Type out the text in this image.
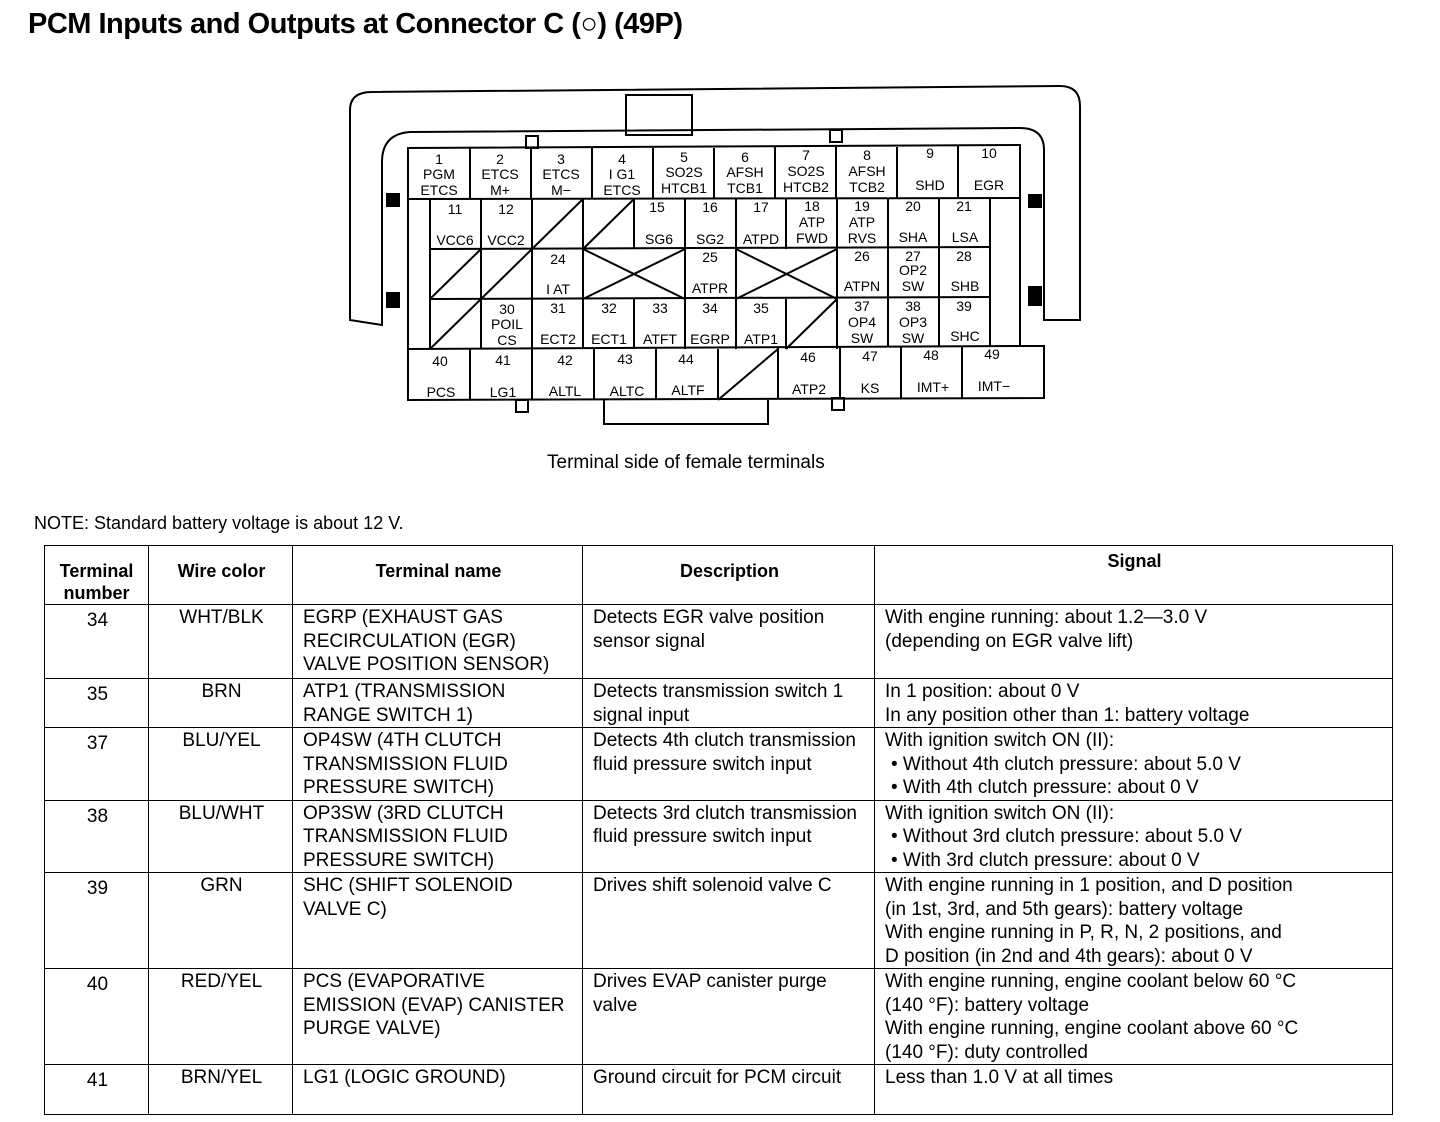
PCM Inputs and Outputs at Connector C (○) (49P)
1
PGM
ETCS
2
ETCS
M+
3
ETCS
M−
4
I G1
ETCS
5
SO2S
HTCB1
6
AFSH
TCB1
7
SO2S
HTCB2
8
AFSH
TCB2
9
SHD
10
EGR
11
VCC6
12
VCC2
15
SG6
16
SG2
17
ATPD
18
ATP
FWD
19
ATP
RVS
20
SHA
21
LSA
24
I AT
25
ATPR
26
ATPN
27
OP2
SW
28
SHB
30
POIL
CS
31
ECT2
32
ECT1
33
ATFT
34
EGRP
35
ATP1
37
OP4
SW
38
OP3
SW
39
SHC
40
PCS
41
LG1
42
ALTL
43
ALTC
44
ALTF
46
ATP2
47
KS
48
IMT+
49
IMT−
Terminal side of female terminals
NOTE: Standard battery voltage is about 12 V.
Terminal number	Wire color	Terminal name	Description	Signal
34	WHT/BLK	EGRP (EXHAUST GAS RECIRCULATION (EGR) VALVE POSITION SENSOR)	Detects EGR valve position sensor signal	With engine running: about 1.2—3.0 V
(depending on EGR valve lift)

35	BRN	ATP1 (TRANSMISSION RANGE SWITCH 1)	Detects transmission switch 1 signal input	In 1 position: about 0 V
In any position other than 1: battery voltage

37	BLU/YEL	OP4SW (4TH CLUTCH TRANSMISSION FLUID PRESSURE SWITCH)	Detects 4th clutch transmission fluid pressure switch input	With ignition switch ON (II):
• Without 4th clutch pressure: about 5.0 V
• With 4th clutch pressure: about 0 V

38	BLU/WHT	OP3SW (3RD CLUTCH TRANSMISSION FLUID PRESSURE SWITCH)	Detects 3rd clutch transmission fluid pressure switch input	With ignition switch ON (II):
• Without 3rd clutch pressure: about 5.0 V
• With 3rd clutch pressure: about 0 V

39	GRN	SHC (SHIFT SOLENOID VALVE C)	Drives shift solenoid valve C	With engine running in 1 position, and D position
(in 1st, 3rd, and 5th gears): battery voltage
With engine running in P, R, N, 2 positions, and
D position (in 2nd and 4th gears): about 0 V

40	RED/YEL	PCS (EVAPORATIVE EMISSION (EVAP) CANISTER PURGE VALVE)	Drives EVAP canister purge valve	With engine running, engine coolant below 60 °C
(140 °F): battery voltage
With engine running, engine coolant above 60 °C
(140 °F): duty controlled

41	BRN/YEL	LG1 (LOGIC GROUND)	Ground circuit for PCM circuit	Less than 1.0 V at all times
